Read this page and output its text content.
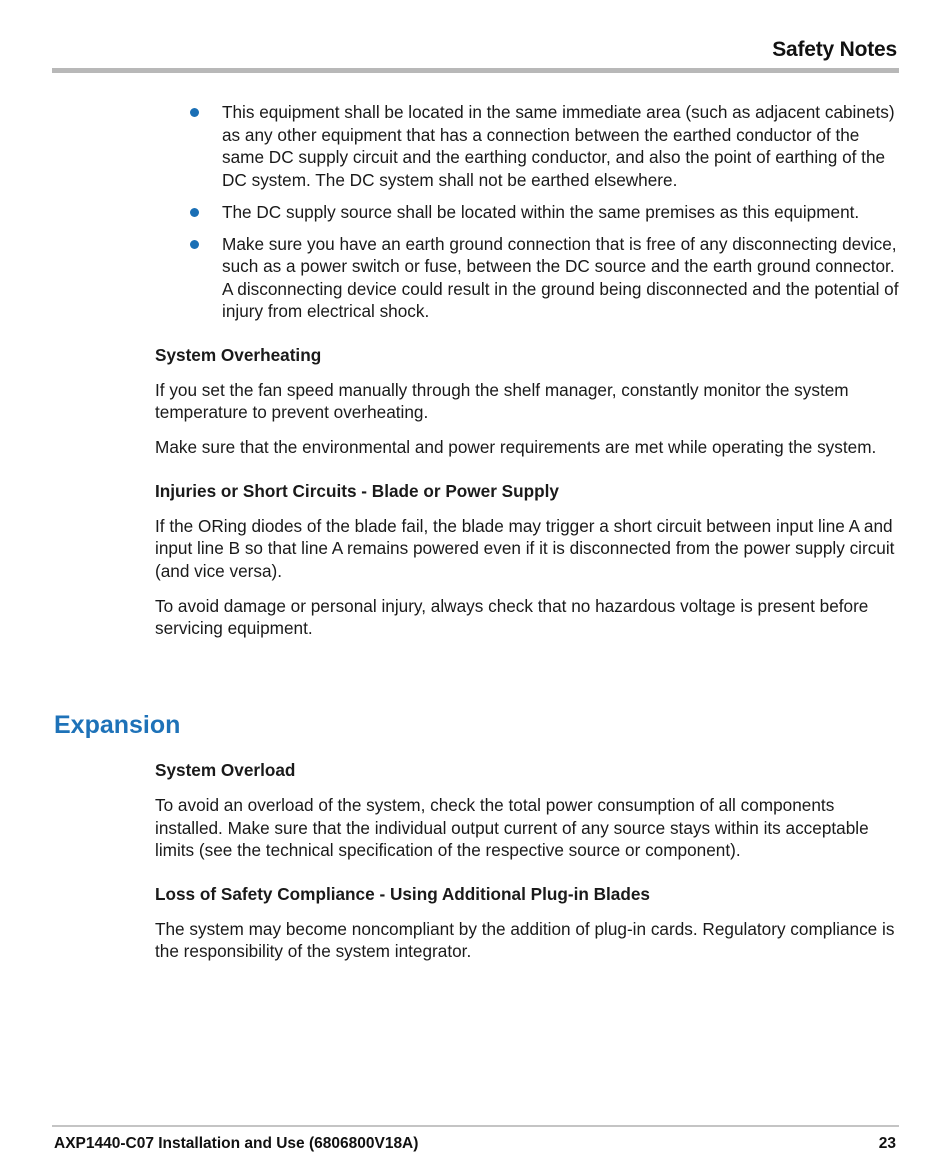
Safety Notes
This equipment shall be located in the same immediate area (such as adjacent cabinets) as any other equipment that has a connection between the earthed conductor of the same DC supply circuit and the earthing conductor, and also the point of earthing of the DC system. The DC system shall not be earthed elsewhere.
The DC supply source shall be located within the same premises as this equipment.
Make sure you have an earth ground connection that is free of any disconnecting device, such as a power switch or fuse, between the DC source and the earth ground connector. A disconnecting device could result in the ground being disconnected and the potential of injury from electrical shock.
System Overheating

If you set the fan speed manually through the shelf manager, constantly monitor the system temperature to prevent overheating.

Make sure that the environmental and power requirements are met while operating the system.

Injuries or Short Circuits - Blade or Power Supply

If the ORing diodes of the blade fail, the blade may trigger a short circuit between input line A and input line B so that line A remains powered even if it is disconnected from the power supply circuit (and vice versa).

To avoid damage or personal injury, always check that no hazardous voltage is present before servicing equipment.

Expansion
System Overload

To avoid an overload of the system, check the total power consumption of all components installed. Make sure that the individual output current of any source stays within its acceptable limits (see the technical specification of the respective source or component).

Loss of Safety Compliance - Using Additional Plug-in Blades

The system may become noncompliant by the addition of plug-in cards. Regulatory compliance is the responsibility of the system integrator.

AXP1440-C07 Installation and Use (6806800V18A)	23
